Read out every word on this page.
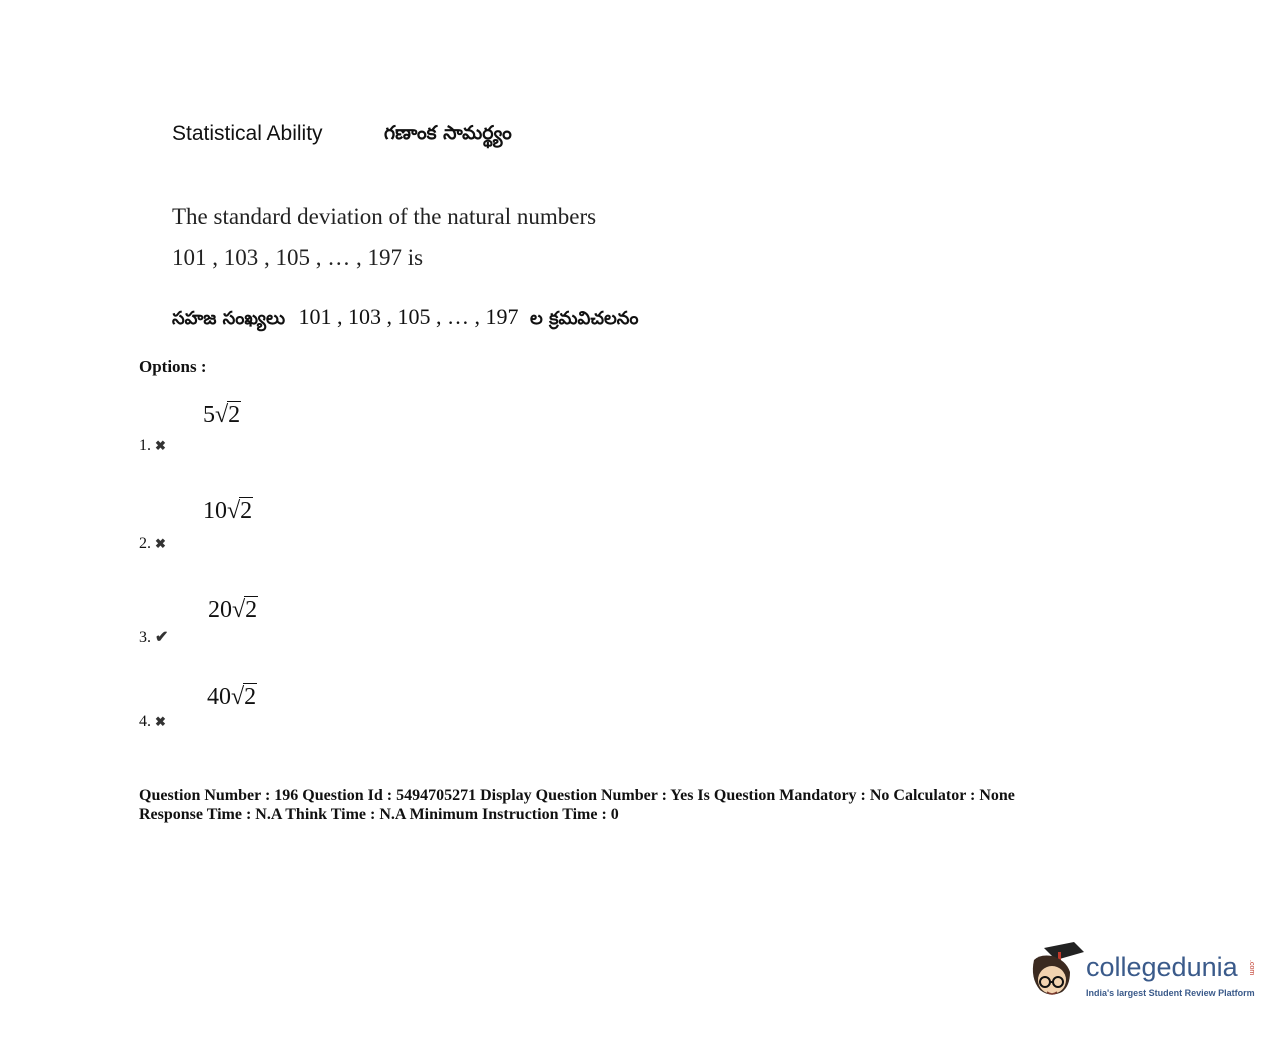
Statistical Ability	గణాంక సామర్థ్యం
The standard deviation of the natural numbers
101 , 103 , 105 , … , 197 is
సహజ సంఖ్యలు 101 , 103 , 105 , … , 197 ల క్రమవిచలనం
Options :
5√2
1. ✖
10√2
2. ✖
20√2
3. ✔
40√2
4. ✖
Question Number : 196 Question Id : 5494705271 Display Question Number : Yes Is Question Mandatory : No Calculator : None
Response Time : N.A Think Time : N.A Minimum Instruction Time : 0
collegedunia .com
India's largest Student Review Platform
